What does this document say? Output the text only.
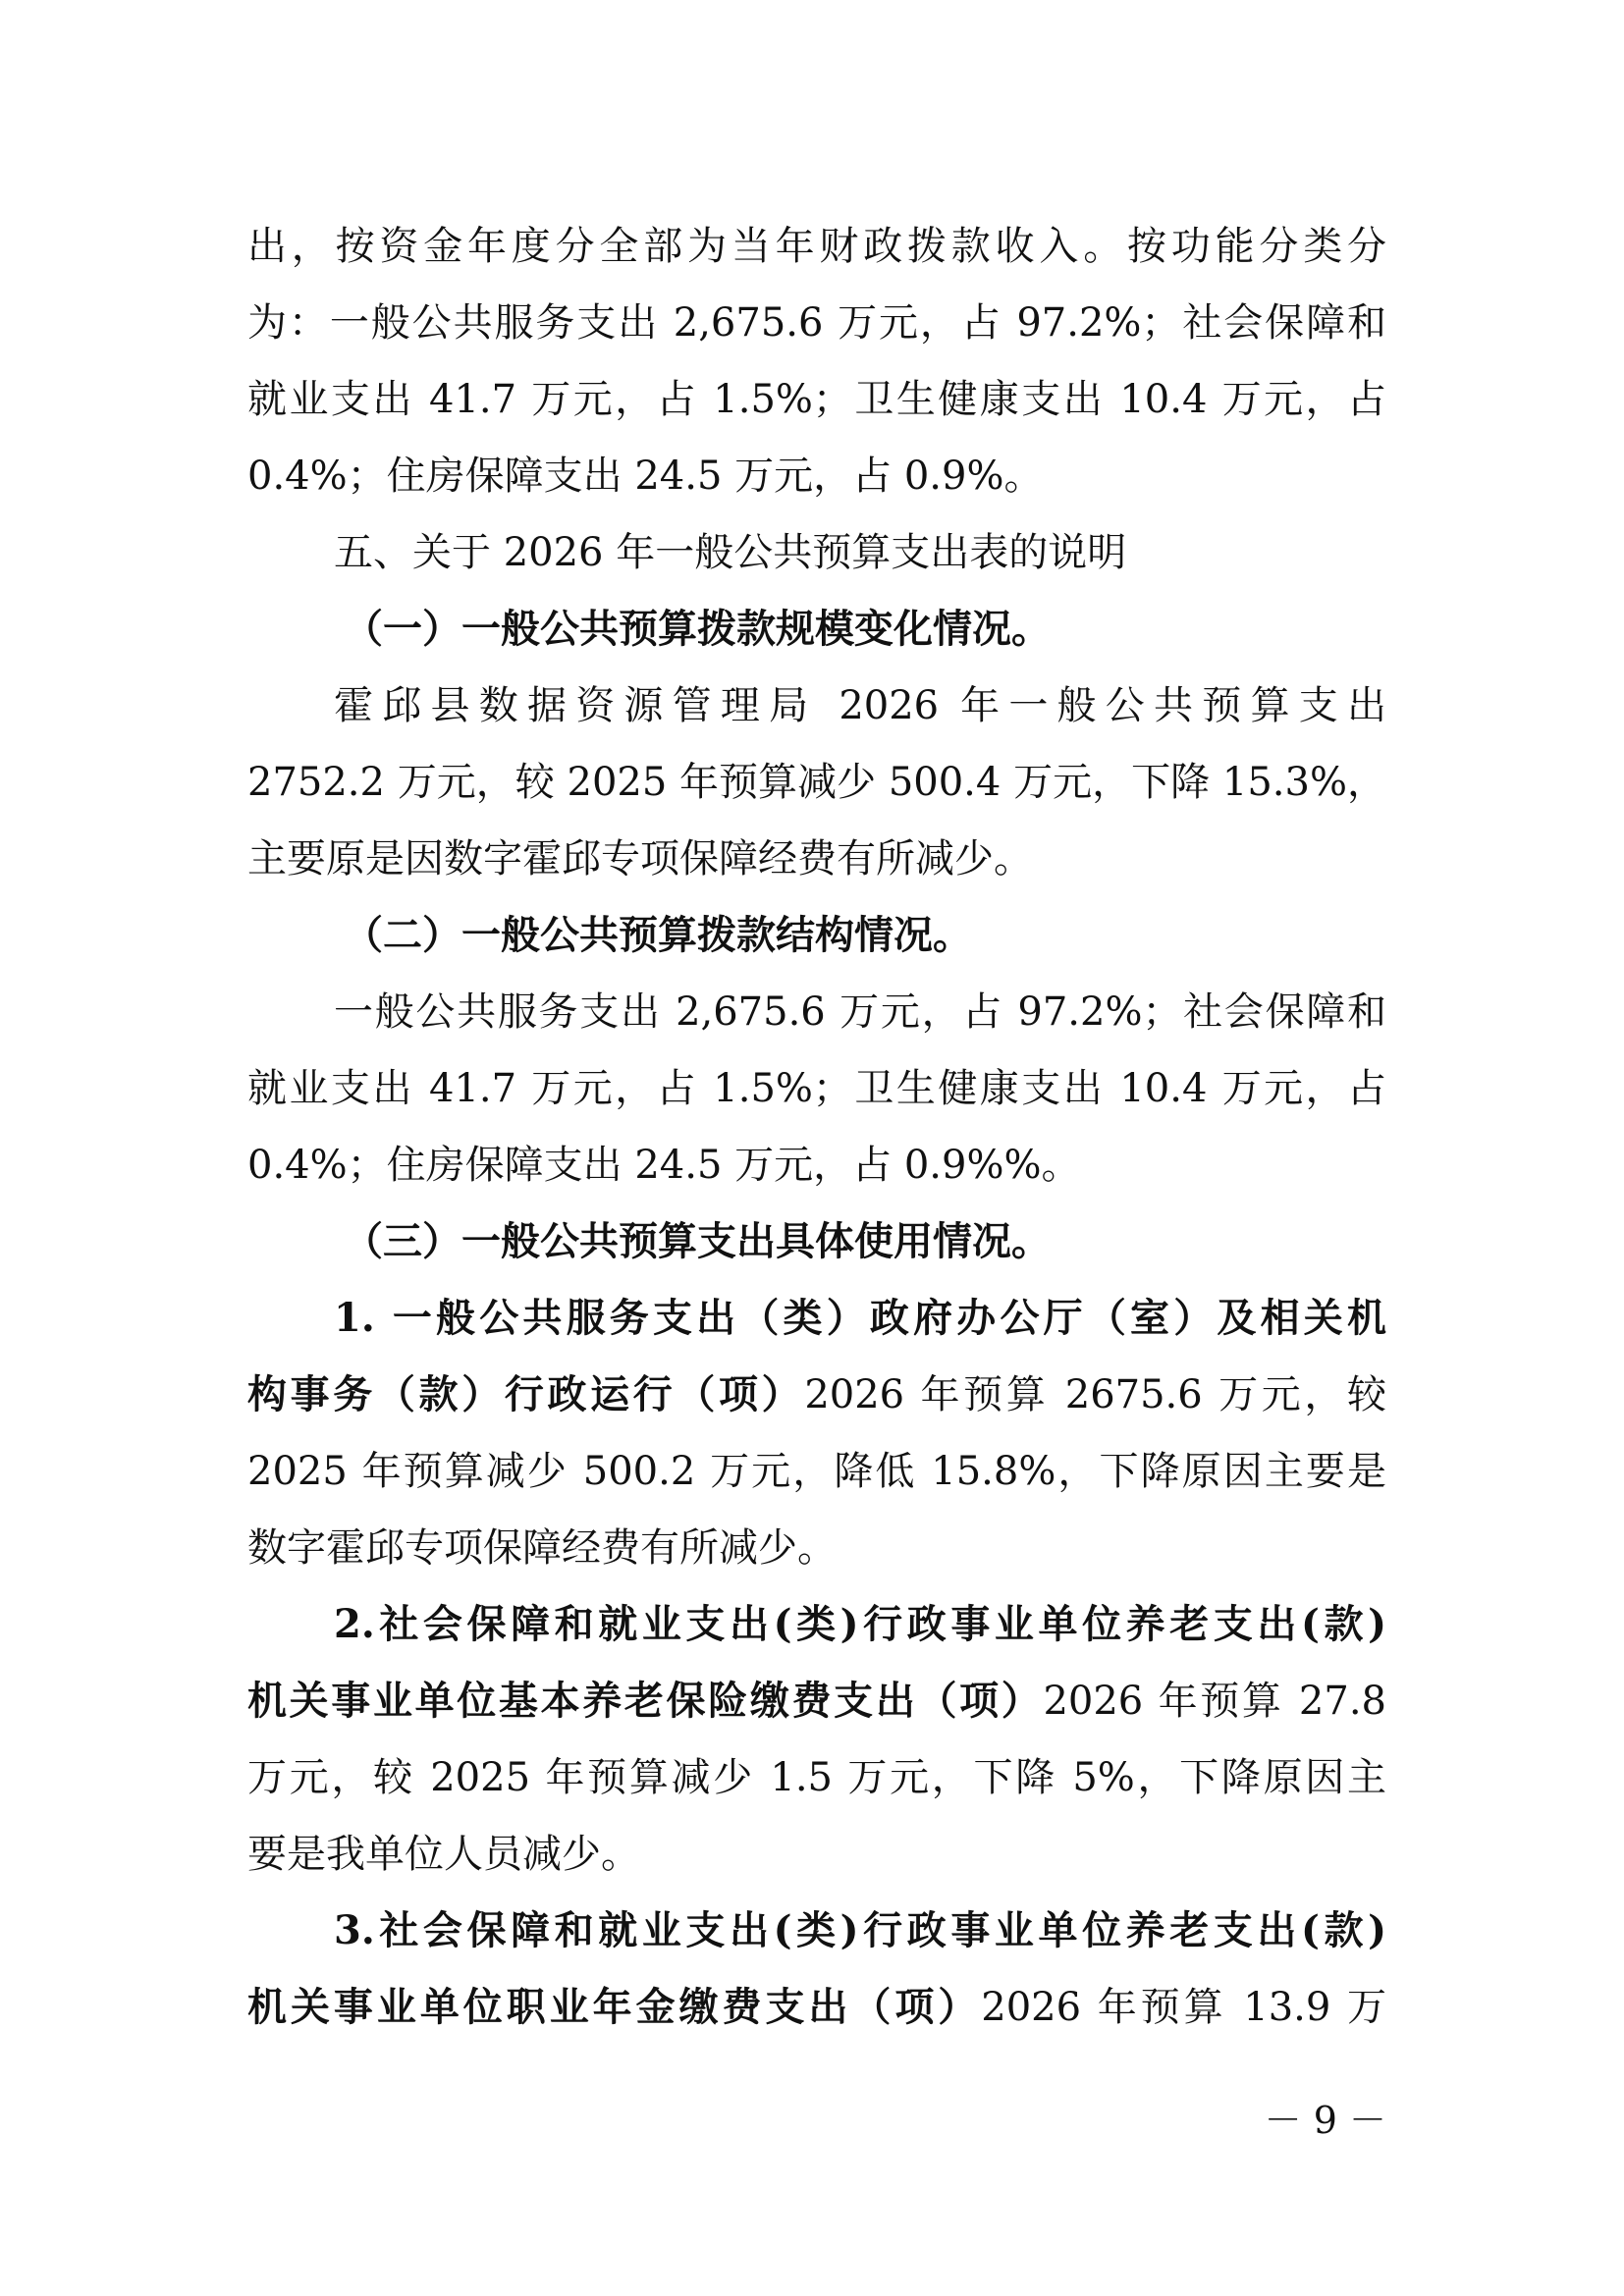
出，按资金年度分全部为当年财政拨款收入。按功能分类分
为：一般公共服务支出 2,675.6 万元，占 97.2%；社会保障和
就业支出 41.7 万元，占 1.5%；卫生健康支出 10.4 万元，占
0.4%；住房保障支出 24.5 万元，占 0.9%。
五、关于 2026 年一般公共预算支出表的说明
（一）一般公共预算拨款规模变化情况。
霍邱县数据资源管理局 2026 年一般公共预算支出
2752.2 万元，较 2025 年预算减少 500.4 万元，下降 15.3%，
主要原是因数字霍邱专项保障经费有所减少。
（二）一般公共预算拨款结构情况。
一般公共服务支出 2,675.6 万元，占 97.2%；社会保障和
就业支出 41.7 万元，占 1.5%；卫生健康支出 10.4 万元，占
0.4%；住房保障支出 24.5 万元，占 0.9%%。
（三）一般公共预算支出具体使用情况。
1. 一般公共服务支出（类）政府办公厅（室）及相关机
构事务（款）行政运行（项）2026 年预算 2675.6 万元，较
2025 年预算减少 500.2 万元，降低 15.8%，下降原因主要是
数字霍邱专项保障经费有所减少。
2.社会保障和就业支出(类)行政事业单位养老支出(款)
机关事业单位基本养老保险缴费支出（项）2026 年预算 27.8
万元，较 2025 年预算减少 1.5 万元，下降 5%，下降原因主
要是我单位人员减少。
3.社会保障和就业支出(类)行政事业单位养老支出(款)
机关事业单位职业年金缴费支出（项）2026 年预算 13.9 万
－ 9 －
